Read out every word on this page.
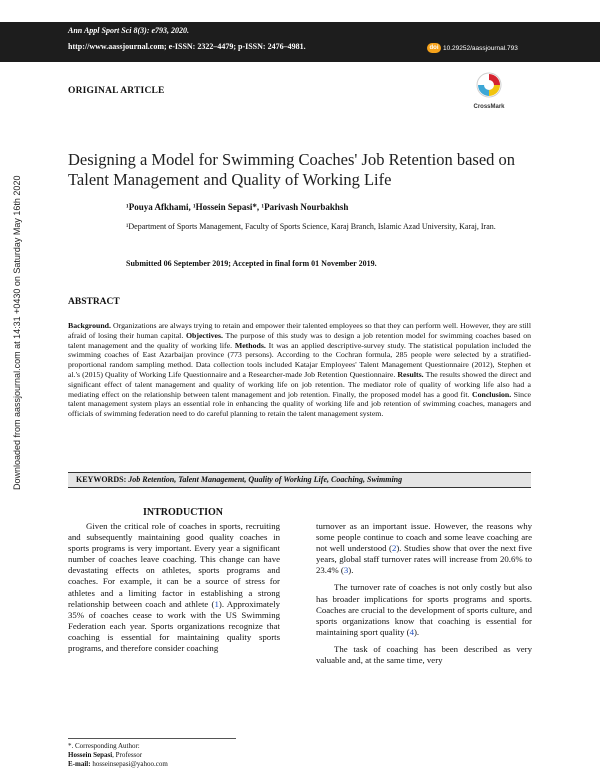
Ann Appl Sport Sci 8(3): e793, 2020.
http://www.aassjournal.com; e-ISSN: 2322–4479; p-ISSN: 2476–4981.	doi 10.29252/aassjournal.793
Downloaded from aassjournal.com at 14:31 +0430 on Saturday May 16th 2020
ORIGINAL ARTICLE
CrossMark
Designing a Model for Swimming Coaches' Job Retention based on Talent Management and Quality of Working Life
¹Pouya Afkhami, ¹Hossein Sepasi*, ¹Parivash Nourbakhsh
¹Department of Sports Management, Faculty of Sports Science, Karaj Branch, Islamic Azad University, Karaj, Iran.
Submitted 06 September 2019; Accepted in final form 01 November 2019.
ABSTRACT
Background. Organizations are always trying to retain and empower their talented employees so that they can perform well. However, they are still afraid of losing their human capital. Objectives. The purpose of this study was to design a job retention model for swimming coaches based on talent management and the quality of working life. Methods. It was an applied descriptive-survey study. The statistical population included the swimming coaches of East Azarbaijan province (773 persons). According to the Cochran formula, 285 people were selected by a stratified-proportional random sampling method. Data collection tools included Katajar Employees' Talent Management Questionnaire (2012), Stephen et al.'s (2015) Quality of Working Life Questionnaire and a Researcher-made Job Retention Questionnaire. Results. The results showed the direct and significant effect of talent management and quality of working life on job retention. The mediator role of quality of working life also had a mediating effect on the relationship between talent management and job retention. Finally, the proposed model has a good fit. Conclusion. Since talent management system plays an essential role in enhancing the quality of working life and job retention of swimming coaches, managers and officials of swimming federation need to do careful planning to retain the talent management system.
KEYWORDS: Job Retention, Talent Management, Quality of Working Life, Coaching, Swimming
INTRODUCTION

Given the critical role of coaches in sports, recruiting and subsequently maintaining good quality coaches in sports programs is very important. Every year a significant number of coaches leave coaching. This change can have devastating effects on athletes, sports programs and coaches. For example, it can be a source of stress for athletes and a limiting factor in establishing a strong relationship between coach and athlete (1). Approximately 35% of coaches cease to work with the US Swimming Federation each year. Sports organizations recognize that coaching is essential for maintaining quality sports programs, and therefore consider coaching

turnover as an important issue. However, the reasons why some people continue to coach and some leave coaching are not well understood (2). Studies show that over the next five years, global staff turnover rates will increase from 20.6% to 23.4% (3).

The turnover rate of coaches is not only costly but also has broader implications for sports programs and sports. Coaches are crucial to the development of sports culture, and sports organizations know that coaching is essential for maintaining sport quality (4).

The task of coaching has been described as very valuable and, at the same time, very

*. Corresponding Author:
Hossein Sepasi, Professor
E-mail: hosseinsepasi@yahoo.com
